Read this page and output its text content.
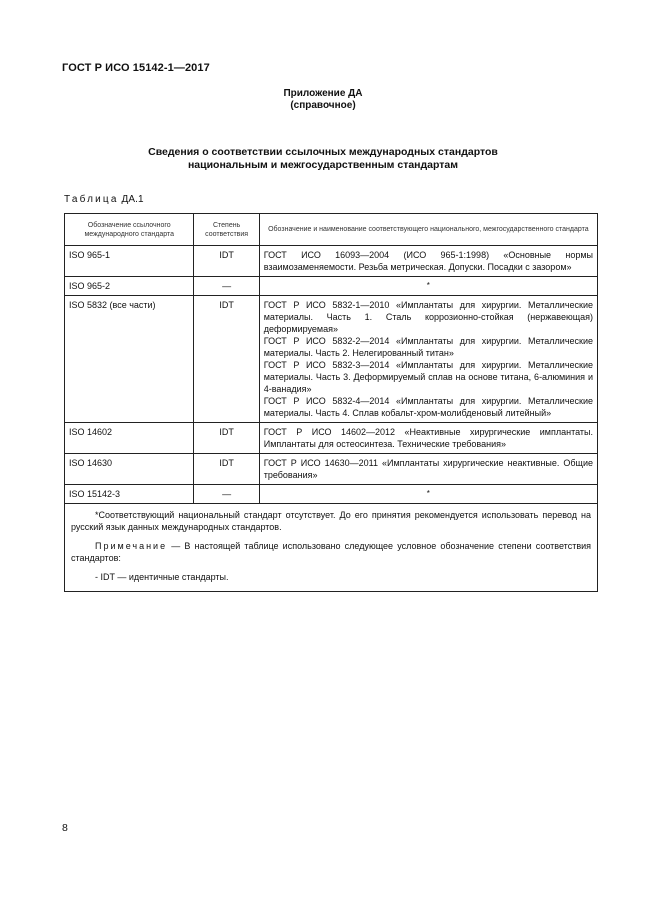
ГОСТ Р ИСО 15142-1—2017
Приложение ДА
(справочное)
Сведения о соответствии ссылочных международных стандартов
национальным и межгосударственным стандартам
Таблица ДА.1
Обозначение ссылочного международного стандарта	Степень соответствия	Обозначение и наименование соответствующего национального, межгосударственного стандарта
ISO 965-1	IDT	ГОСТ ИСО 16093—2004 (ИСО 965-1:1998) «Основные нормы взаимозаменяемости. Резьба метрическая. Допуски. Посадки с зазором»
ISO 965-2	—	*
ISO 5832 (все части)	IDT	ГОСТ Р ИСО 5832-1—2010 «Имплантаты для хирургии. Металлические материалы. Часть 1. Сталь коррозионно-стойкая (нержавеющая) деформируемая»
ГОСТ Р ИСО 5832-2—2014 «Имплантаты для хирургии. Металлические материалы. Часть 2. Нелегированный титан»
ГОСТ Р ИСО 5832-3—2014 «Имплантаты для хирургии. Металлические материалы. Часть 3. Деформируемый сплав на основе титана, 6-алюминия и 4-ванадия»
ГОСТ Р ИСО 5832-4—2014 «Имплантаты для хирургии. Металлические материалы. Часть 4. Сплав кобальт-хром-молибденовый литейный»

ISO 14602	IDT	ГОСТ Р ИСО 14602—2012 «Неактивные хирургические имплантаты. Имплантаты для остеосинтеза. Технические требования»
ISO 14630	IDT	ГОСТ Р ИСО 14630—2011 «Имплантаты хирургические неактивные. Общие требования»
ISO 15142-3	—	*

*Соответствующий национальный стандарт отсутствует. До его принятия рекомендуется использовать перевод на русский язык данных международных стандартов.

Примечание — В настоящей таблице использовано следующее условное обозначение степени соответствия стандартов:

- IDT — идентичные стандарты.		

8
